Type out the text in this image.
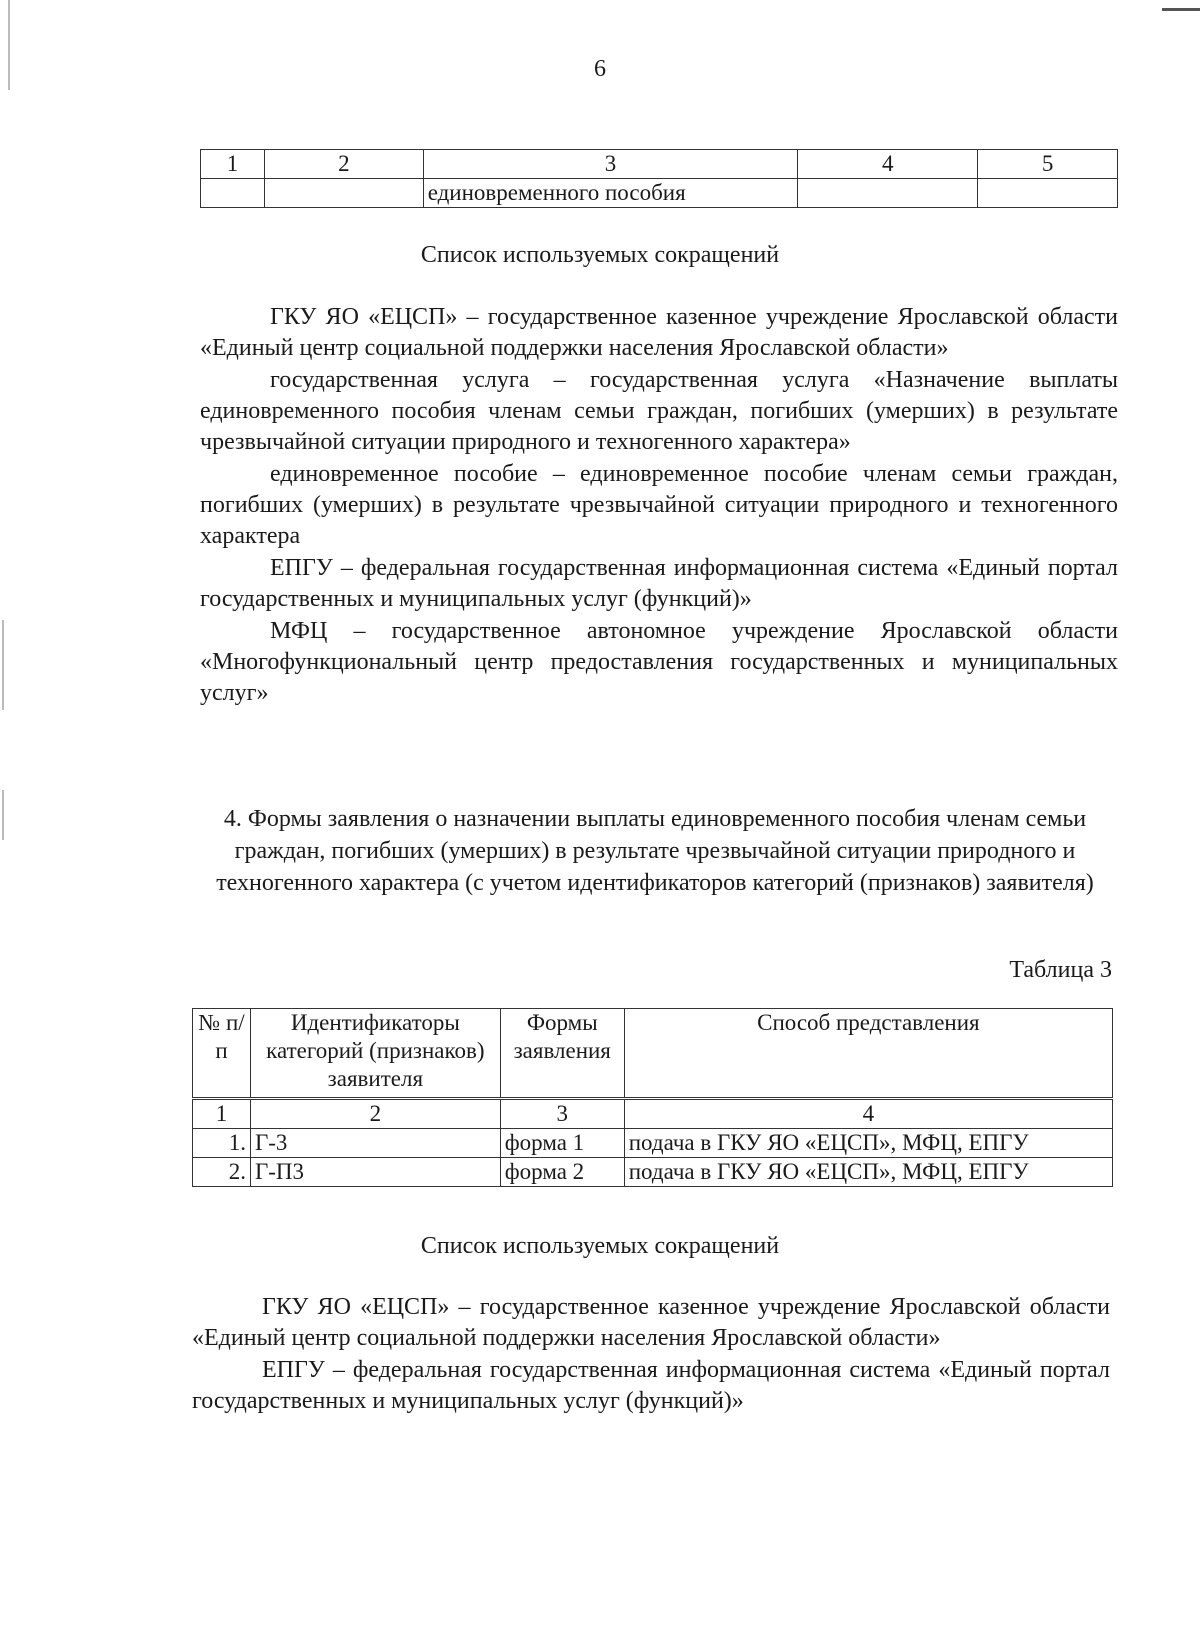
6
1	2	3	4	5
		единовременного пособия		
Список используемых сокращений

ГКУ ЯО «ЕЦСП» – государственное казенное учреждение Ярославской области «Единый центр социальной поддержки населения Ярославской области»

государственная услуга – государственная услуга «Назначение выплаты единовременного пособия членам семьи граждан, погибших (умерших) в результате чрезвычайной ситуации природного и техногенного характера»

единовременное пособие – единовременное пособие членам семьи граждан, погибших (умерших) в результате чрезвычайной ситуации природного и техногенного характера

ЕПГУ – федеральная государственная информационная система «Единый портал государственных и муниципальных услуг (функций)»

МФЦ – государственное автономное учреждение Ярославской области «Многофункциональный центр предоставления государственных и муниципальных услуг»

4. Формы заявления о назначении выплаты единовременного пособия членам семьи граждан, погибших (умерших) в результате чрезвычайной ситуации природного и техногенного характера (с учетом идентификаторов категорий (признаков) заявителя)
Таблица 3
№ п/п	Идентификаторы категорий (признаков) заявителя	Формы заявления	Способ представления
1	2	3	4
1.	Г-3	форма 1	подача в ГКУ ЯО «ЕЦСП», МФЦ, ЕПГУ
2.	Г-П3	форма 2	подача в ГКУ ЯО «ЕЦСП», МФЦ, ЕПГУ
Список используемых сокращений

ГКУ ЯО «ЕЦСП» – государственное казенное учреждение Ярославской области «Единый центр социальной поддержки населения Ярославской области»

ЕПГУ – федеральная государственная информационная система «Единый портал государственных и муниципальных услуг (функций)»
